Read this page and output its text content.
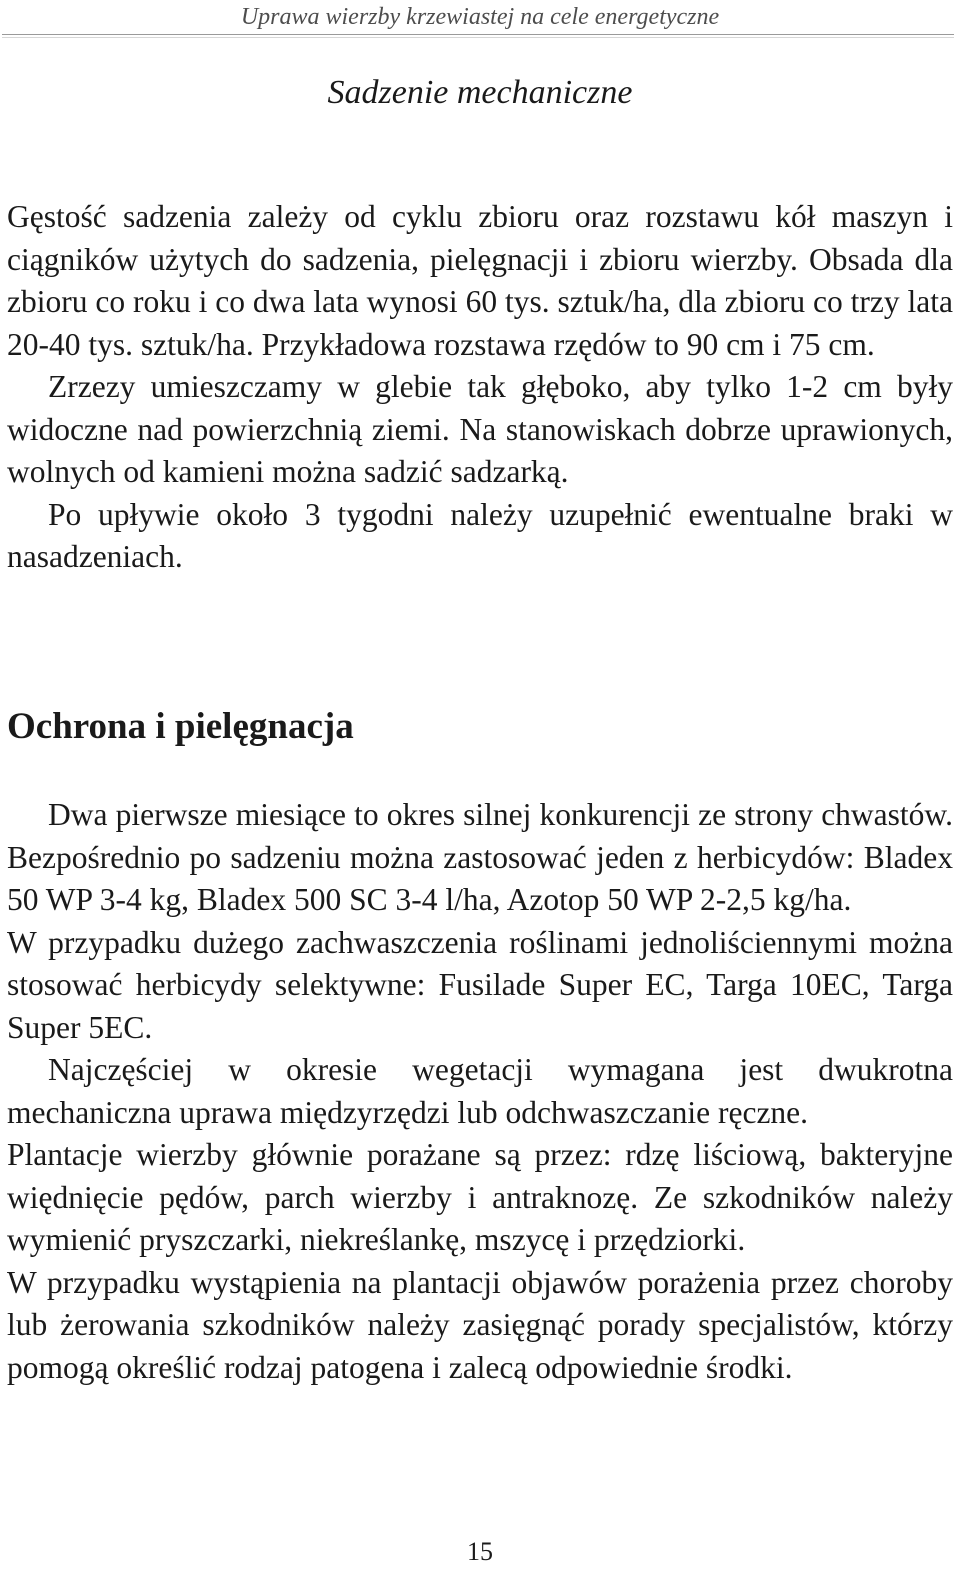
Uprawa wierzby krzewiastej na cele energetyczne
Sadzenie mechaniczne

Gęstość sadzenia zależy od cyklu zbioru oraz rozstawu kół maszyn i ciągników użytych do sadzenia, pielęgnacji i zbioru wierzby. Obsada dla zbioru co roku i co dwa lata wynosi 60 tys. sztuk/ha, dla zbioru co trzy lata 20-40 tys. sztuk/ha. Przykładowa rozstawa rzędów to 90 cm i 75 cm.

Zrzezy umieszczamy w glebie tak głęboko, aby tylko 1-2 cm były widoczne nad powierzchnią ziemi. Na stanowiskach dobrze uprawionych, wolnych od kamieni można sadzić sadzarką.

Po upływie około 3 tygodni należy uzupełnić ewentualne braki w nasadzeniach.

Ochrona i pielęgnacja

Dwa pierwsze miesiące to okres silnej konkurencji ze strony chwastów. Bezpośrednio po sadzeniu można zastosować jeden z herbicydów: Bladex 50 WP 3-4 kg, Bladex 500 SC 3-4 l/ha, Azotop 50 WP 2-2,5 kg/ha.

W przypadku dużego zachwaszczenia roślinami jednoliściennymi można stosować herbicydy selektywne: Fusilade Super EC, Targa 10EC, Targa Super 5EC.

Najczęściej w okresie wegetacji wymagana jest dwukrotna mechaniczna uprawa międzyrzędzi lub odchwaszczanie ręczne.

Plantacje wierzby głównie porażane są przez: rdzę liściową, bakteryjne więdnięcie pędów, parch wierzby i antraknozę. Ze szkodników należy wymienić pryszczarki, niekreślankę, mszycę i przędziorki.

W przypadku wystąpienia na plantacji objawów porażenia przez choroby lub żerowania szkodników należy zasięgnąć porady specjalistów, którzy pomogą określić rodzaj patogena i zalecą odpowiednie środki.

15
